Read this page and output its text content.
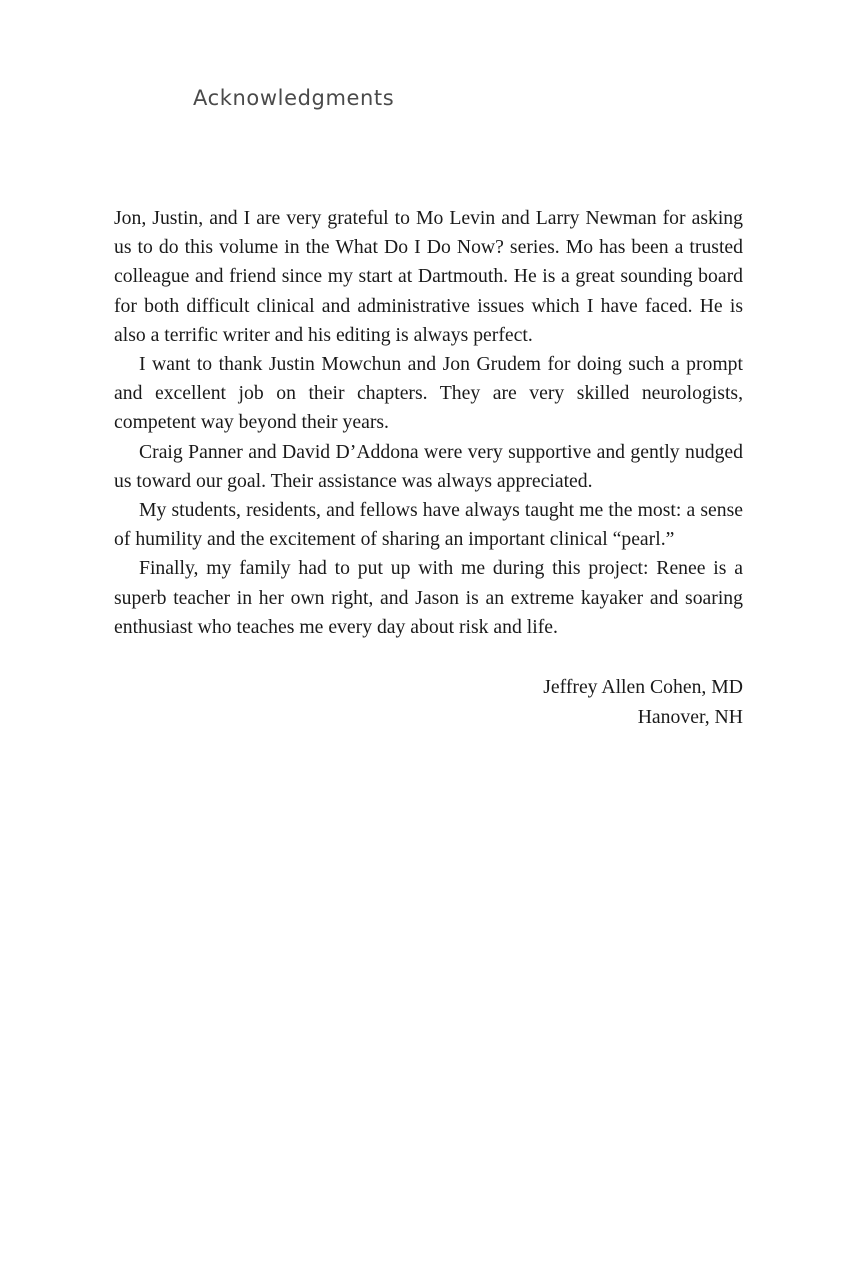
Acknowledgments

Jon, Justin, and I are very grateful to Mo Levin and Larry Newman for asking us to do this volume in the What Do I Do Now? series. Mo has been a trusted colleague and friend since my start at Dartmouth. He is a great sounding board for both difficult clinical and administrative issues which I have faced. He is also a terrific writer and his editing is always perfect.

I want to thank Justin Mowchun and Jon Grudem for doing such a prompt and excellent job on their chapters. They are very skilled neurologists, competent way beyond their years.

Craig Panner and David D’Addona were very supportive and gently nudged us toward our goal. Their assistance was always appreciated.

My students, residents, and fellows have always taught me the most: a sense of humility and the excitement of sharing an important clinical “pearl.”

Finally, my family had to put up with me during this project: Renee is a superb teacher in her own right, and Jason is an extreme kayaker and soaring enthusiast who teaches me every day about risk and life.

Jeffrey Allen Cohen, MD
Hanover, NH
